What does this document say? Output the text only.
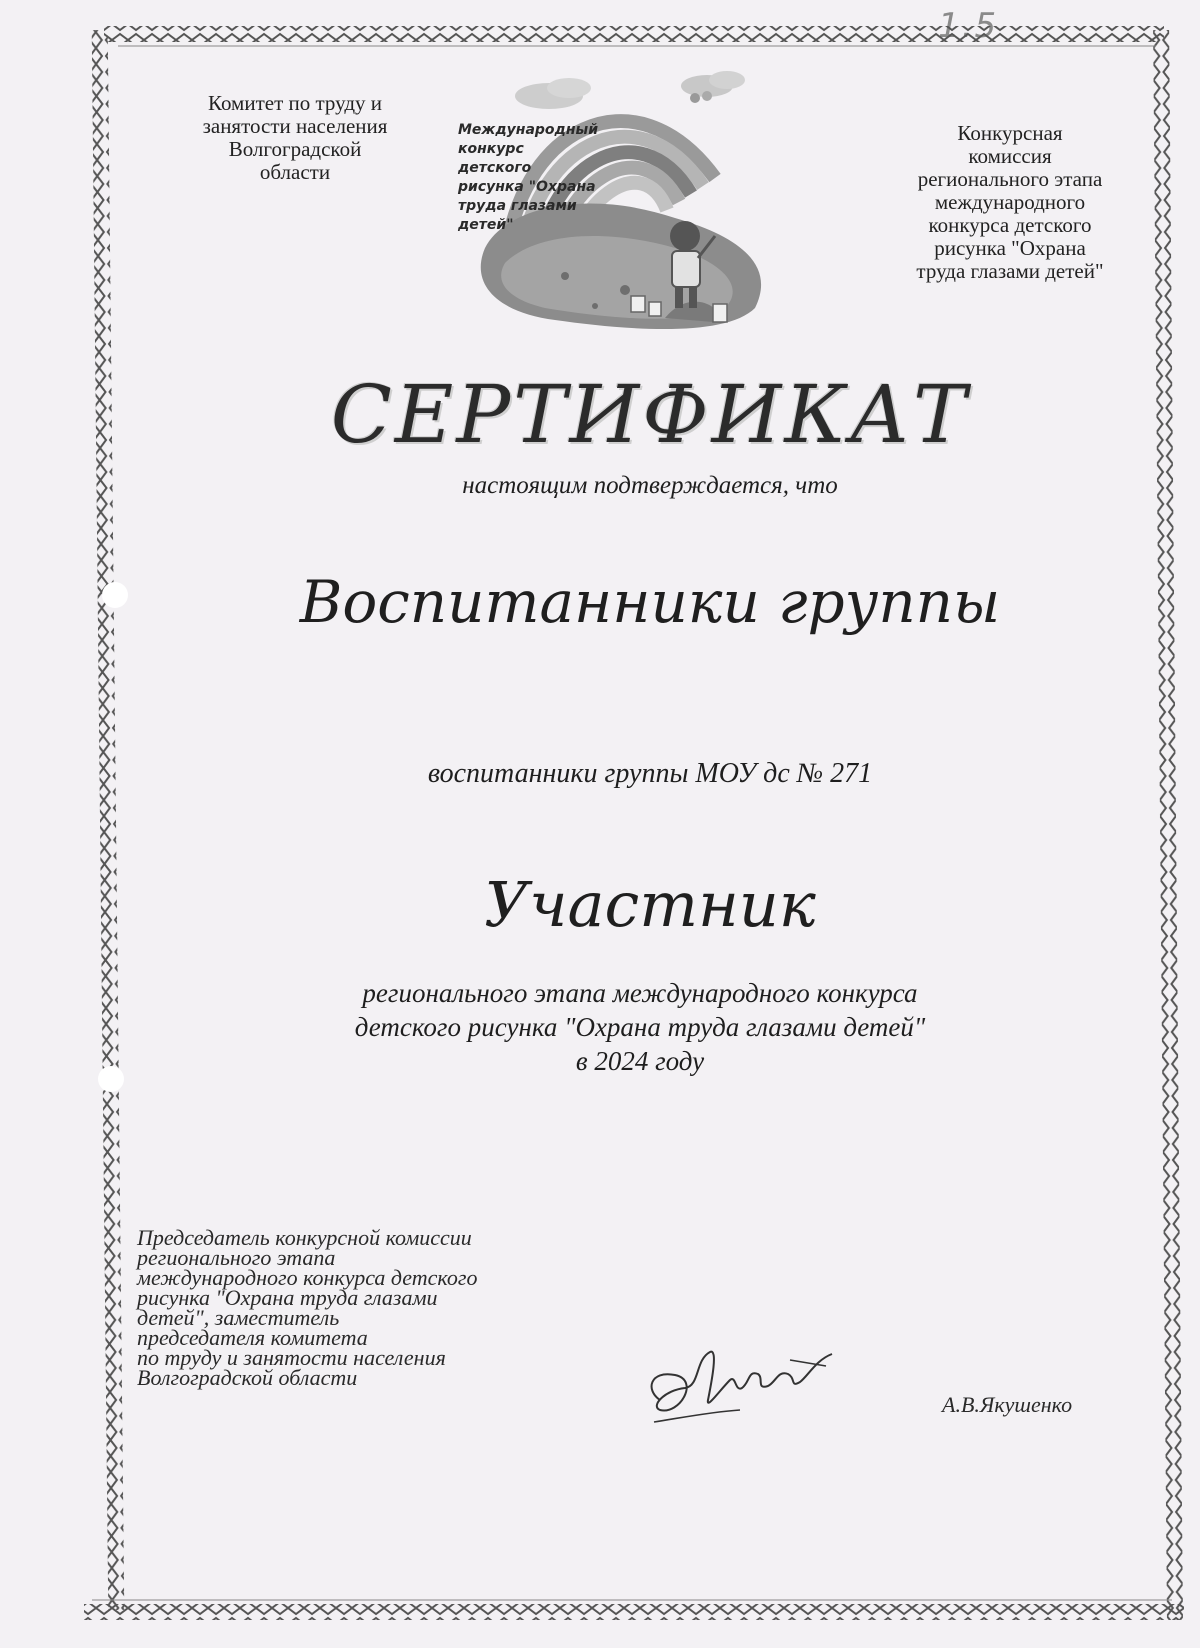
Комитет по труду и
занятости населения
Волгоградской
области
Международный
конкурс
детского
рисунка "Охрана
труда глазами
детей"
Конкурсная
комиссия
регионального этапа
международного
конкурса детского
рисунка "Охрана
труда глазами детей"
СЕРТИФИКАТ
настоящим подтверждается, что
Воспитанники группы
воспитанники группы МОУ дс № 271
Участник
регионального этапа международного конкурса
детского рисунка "Охрана труда глазами детей"
в 2024 году
Председатель конкурсной комиссии
регионального этапа
международного конкурса детского
рисунка "Охрана труда глазами
детей", заместитель
председателя комитета
по труду и занятости населения
Волгоградской области
А.В.Якушенко
